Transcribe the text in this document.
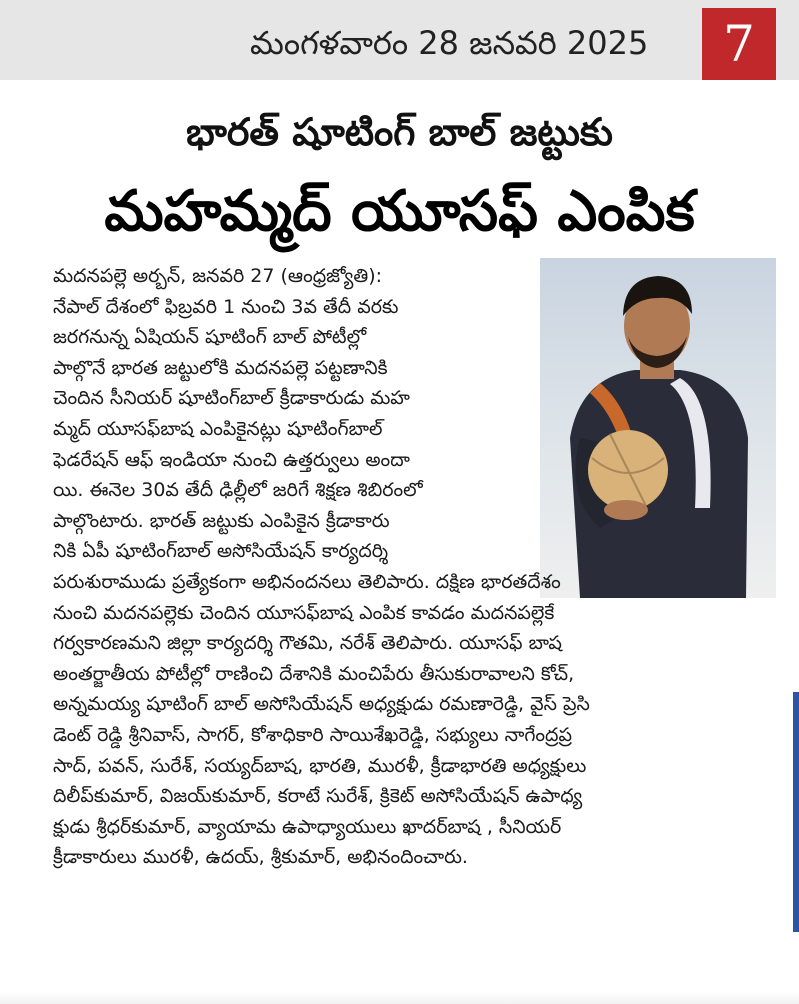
మంగళవారం 28 జనవరి 2025	7
భారత్ షూటింగ్ బాల్ జట్టుకు
మహమ్మద్ యూసఫ్ ఎంపిక
మదనపల్లె అర్బన్, జనవరి 27 (ఆంధ్రజ్యోతి):
నేపాల్ దేశంలో ఫిబ్రవరి 1 నుంచి 3వ తేదీ వరకు
జరగనున్న ఏషియన్ షూటింగ్ బాల్ పోటీల్లో
పాల్గొనే భారత జట్టులోకి మదనపల్లె పట్టణానికి
చెందిన సీనియర్ షూటింగ్‌బాల్ క్రీడాకారుడు మహ
మ్మద్ యూసఫ్‌బాష ఎంపికైనట్లు షూటింగ్‌బాల్
ఫెడరేషన్ ఆఫ్ ఇండియా నుంచి ఉత్తర్వులు అందా
యి. ఈనెల 30వ తేదీ ఢిల్లీలో జరిగే శిక్షణ శిబిరంలో
పాల్గొంటారు. భారత్ జట్టుకు ఎంపికైన క్రీడాకారు
నికి ఏపీ షూటింగ్‌బాల్ అసోసియేషన్ కార్యదర్శి
పరుశురాముడు ప్రత్యేకంగా అభినందనలు తెలిపారు. దక్షిణ భారతదేశం
నుంచి మదనపల్లెకు చెందిన యూసఫ్‌బాష ఎంపిక కావడం మదనపల్లెకే
గర్వకారణమని జిల్లా కార్యదర్శి గౌతమి, నరేశ్ తెలిపారు. యూసఫ్ బాష
అంతర్జాతీయ పోటీల్లో రాణించి దేశానికి మంచిపేరు తీసుకురావాలని కోచ్,
అన్నమయ్య షూటింగ్ బాల్ అసోసియేషన్ అధ్యక్షుడు రమణారెడ్డి, వైస్ ప్రెసి
డెంట్ రెడ్డి శ్రీనివాస్, సాగర్, కోశాధికారి సాయిశేఖరెడ్డి, సభ్యులు నాగేంద్రప్ర
సాద్, పవన్, సురేశ్, సయ్యద్‌బాష, భారతి, మురళీ, క్రీడాభారతి అధ్యక్షులు
దిలీప్‌కుమార్, విజయ్‌కుమార్, కరాటే సురేశ్, క్రికెట్ అసోసియేషన్ ఉపాధ్య
క్షుడు శ్రీధర్‌కుమార్, వ్యాయామ ఉపాధ్యాయులు ఖాదర్‌బాష , సీనియర్
క్రీడాకారులు మురళీ, ఉదయ్, శ్రీకుమార్, అభినందించారు.
